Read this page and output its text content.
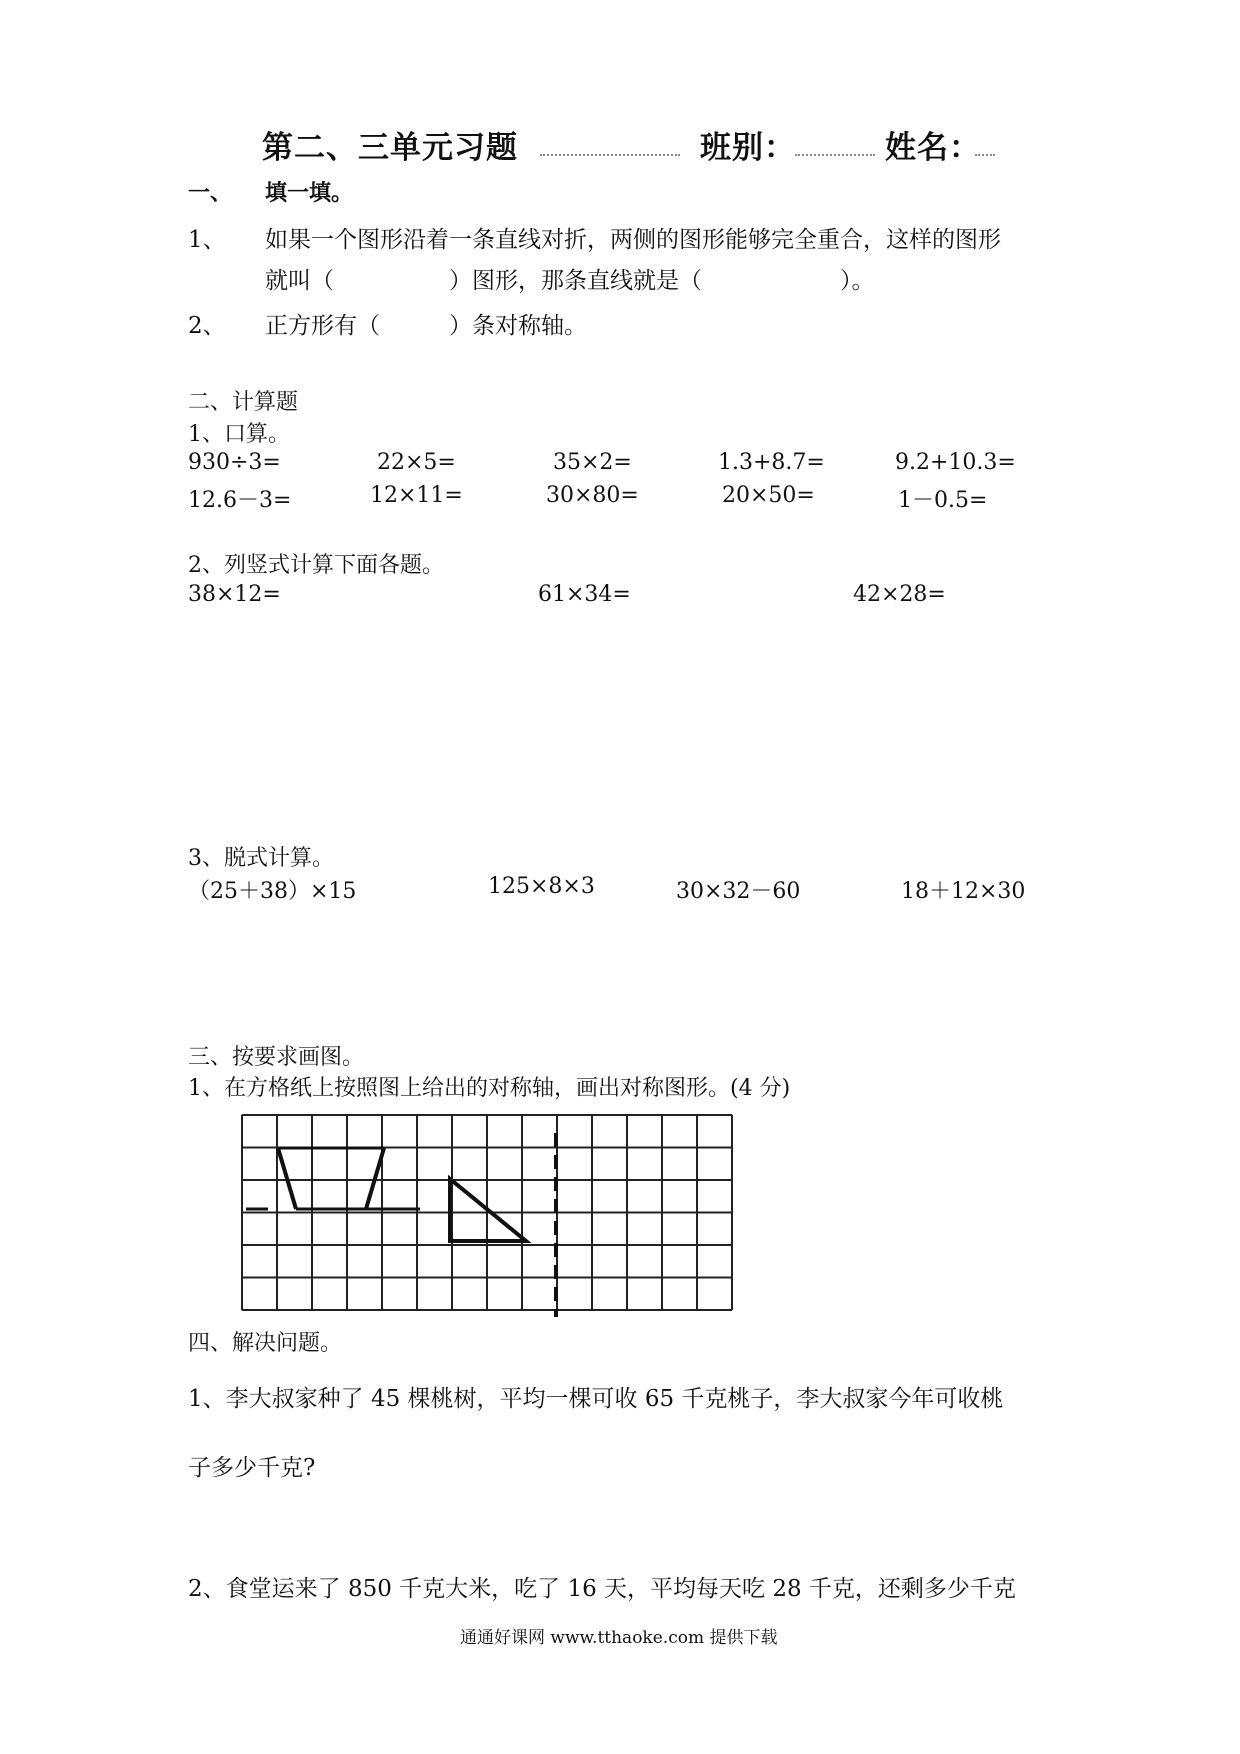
第二、三单元习题	班别：	姓名：
一、 填一填。
1、 如果一个图形沿着一条直线对折，两侧的图形能够完全重合，这样的图形
就叫（　　　　　）图形，那条直线就是（　　　　　　）。
2、 正方形有（　　　）条对称轴。
二、计算题
1、口算。
930÷3=	22×5=	35×2=	1.3+8.7=	9.2+10.3=
12.6－3=	12×11=	30×80=	20×50=	1－0.5=
2、列竖式计算下面各题。
38×12=	61×34=	42×28=
3、脱式计算。
（25＋38）×15	125×8×3	30×32－60	18＋12×30
三、按要求画图。
1、在方格纸上按照图上给出的对称轴，画出对称图形。(4 分)
四、解决问题。
1、李大叔家种了 45 棵桃树，平均一棵可收 65 千克桃子，李大叔家今年可收桃
子多少千克?
2、食堂运来了 850 千克大米，吃了 16 天，平均每天吃 28 千克，还剩多少千克
通通好课网 www.tthaoke.com 提供下载
